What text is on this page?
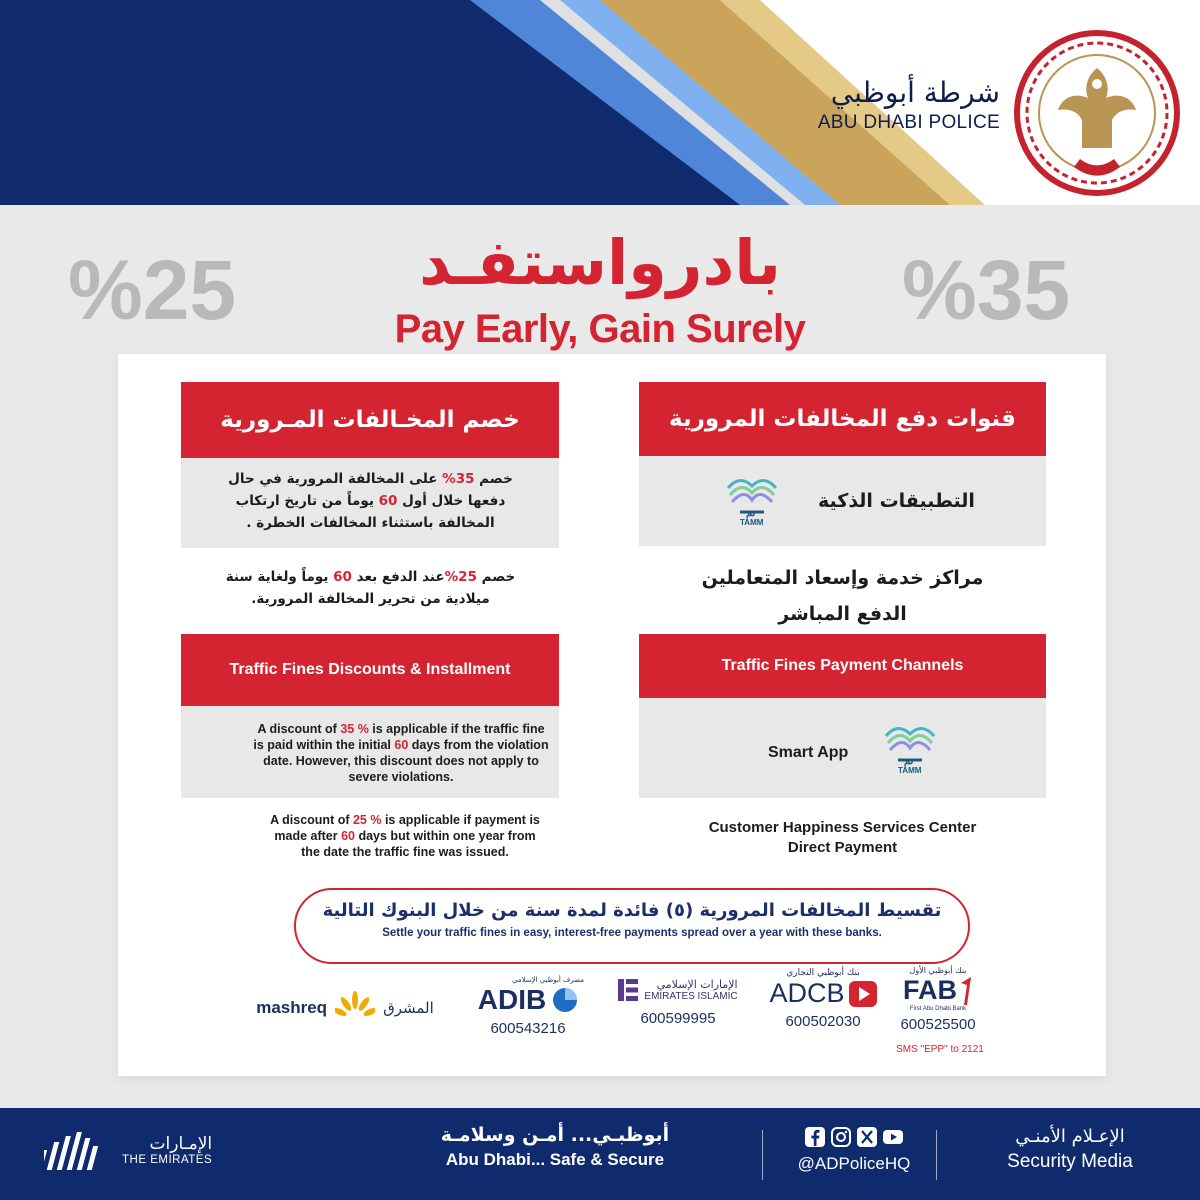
شرطة أبوظبي
ABU DHABI POLICE
%25	%35
بادرواستفـد
Pay Early, Gain Surely
خصم المخـالفات المـرورية
خصم 35% على المخالفة المرورية في حال دفعها خلال أول 60 يوماً من تاريخ ارتكاب المخالفة باستثناء المخالفات الخطرة .
خصم 25%عند الدفع بعد 60 يوماً ولغاية سنة ميلادية من تحرير المخالفة المرورية.
Traffic Fines Discounts & Installment
A discount of 35 % is applicable if the traffic fine is paid within the initial 60 days from the violation date. However, this discount does not apply to severe violations.
A discount of 25 % is applicable if payment is made after 60 days but within one year from the date the traffic fine was issued.
قنوات دفع المخالفات المرورية
تم
TAMM
التطبيقات الذكية
مراكز خدمة وإسعاد المتعاملين
الدفع المباشر
Traffic Fines Payment Channels
Smart App
تم
TAMM
Customer Happiness Services Center
Direct Payment
تقسيط المخالفات المرورية (٥) فائدة لمدة سنة من خلال البنوك التالية
Settle your traffic fines in easy, interest-free payments spread over a year with these banks.
mashreq	المشرق
مصرف أبوظبي الإسلامي
ADIB
600543216
الإمارات الإسلامي
EMIRATES ISLAMIC
600599995
بنك أبوظبي التجاري
ADCB
600502030
بنك أبوظبي الأول
FAB
First Abu Dhabi Bank
600525500
SMS "EPP" to 2121
الإمـارات
THE EMIRATES
أبوظبـي... أمـن وسلامـة
Abu Dhabi... Safe & Secure	@ADPoliceHQ
الإعـلام الأمنـي
Security Media
